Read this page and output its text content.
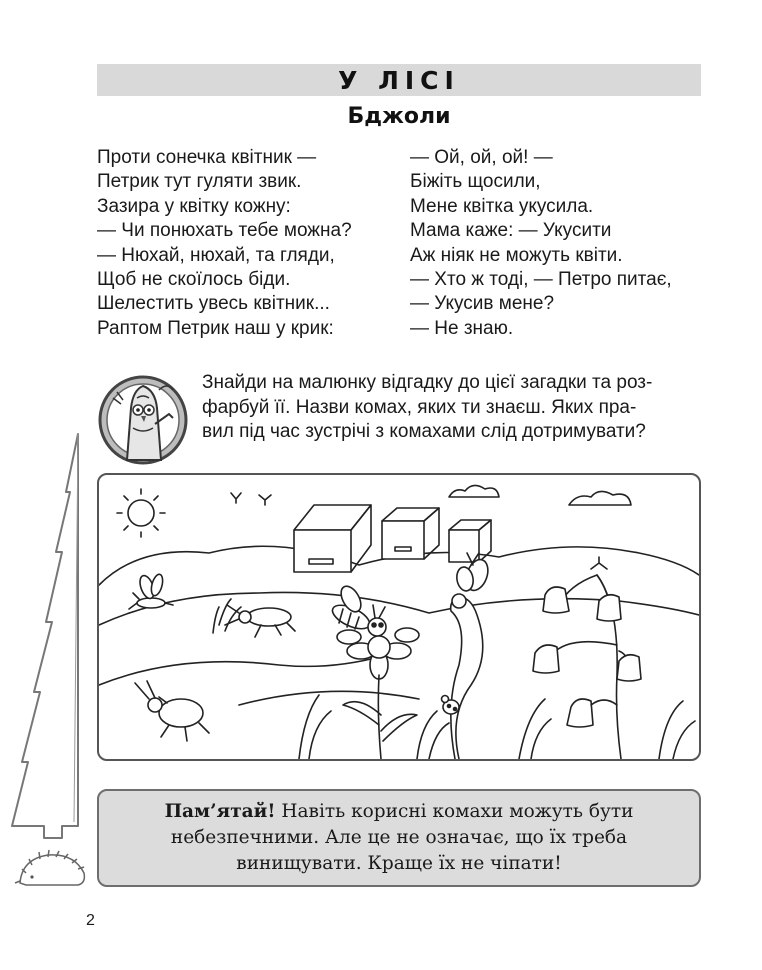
У ЛІСІ
Бджоли
Проти сонечка квітник —
Петрик тут гуляти звик.
Зазира у квітку кожну:
— Чи понюхать тебе можна?
— Нюхай, нюхай, та гляди,
Щоб не скоїлось біди.
Шелестить увесь квітник...
Раптом Петрик наш у крик:
— Ой, ой, ой! —
Біжіть щосили,
Мене квітка укусила.
Мама каже: — Укусити
Аж ніяк не можуть квіти.
— Хто ж тоді, — Петро питає,
— Укусив мене?
— Не знаю.
Знайди на малюнку відгадку до цієї загадки та роз-
фарбуй її. Назви комах, яких ти знаєш. Яких пра-
вил під час зустрічі з комахами слід дотримувати?
Пам’ятай! Навіть корисні комахи можуть бути
небезпечними. Але це не означає, що їх треба
винищувати. Краще їх не чіпати!
2
